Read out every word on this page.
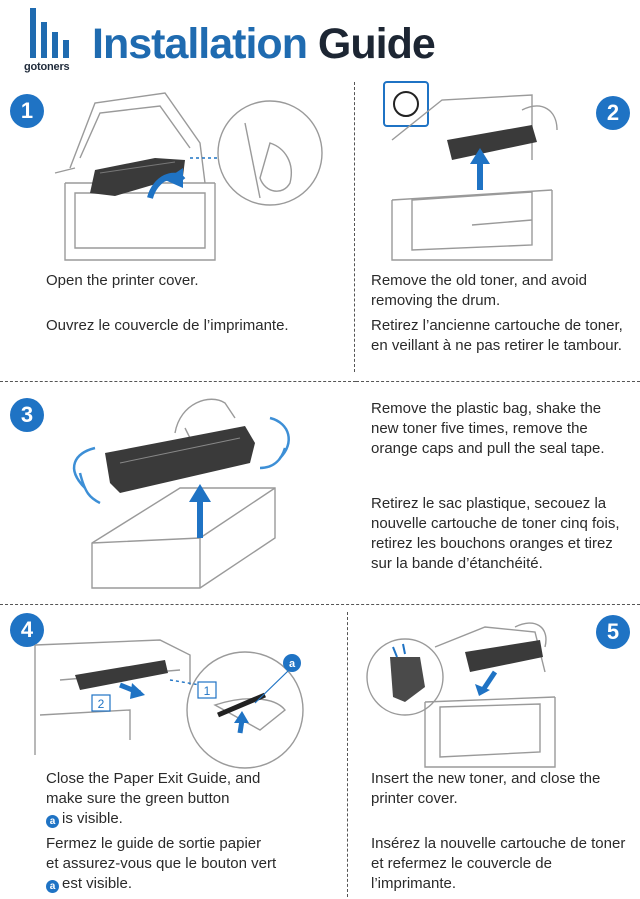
gotoners Installation Guide
1
Open the printer cover.
Ouvrez le couvercle de l’imprimante.
2
Remove the old toner, and avoid removing the drum.
Retirez l’ancienne cartouche de toner, en veillant à ne pas retirer le tambour.
3	Remove the plastic bag, shake the new toner five times, remove the orange caps and pull the seal tape.
Retirez le sac plastique, secouez la nouvelle cartouche de toner cinq fois, retirez les bouchons oranges et tirez sur la bande d’étanchéité.
4
2
1
a

Close the Paper Exit Guide, and

make sure the green button

a is visible.

Fermez le guide de sortie papier

et assurez-vous que le bouton vert

a est visible.

5
Insert the new toner, and close the printer cover.
Insérez la nouvelle cartouche de toner et refermez le couvercle de l’imprimante.
